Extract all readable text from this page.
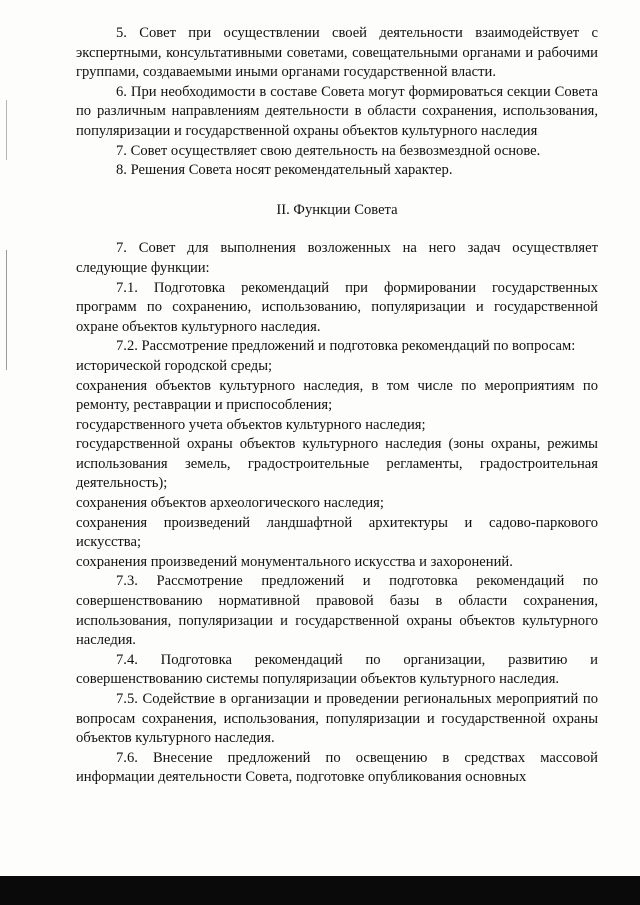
5. Совет при осуществлении своей деятельности взаимодействует с экспертными, консультативными советами, совещательными органами и рабочими группами, создаваемыми иными органами государственной власти.

6. При необходимости в составе Совета могут формироваться секции Совета по различным направлениям деятельности в области сохранения, использования, популяризации и государственной охраны объектов культурного наследия

7. Совет осуществляет свою деятельность на безвозмездной основе.

8. Решения Совета носят рекомендательный характер.

II. Функции Совета

7. Совет для выполнения возложенных на него задач осуществляет следующие функции:

7.1. Подготовка рекомендаций при формировании государственных программ по сохранению, использованию, популяризации и государственной охране объектов культурного наследия.

7.2. Рассмотрение предложений и подготовка рекомендаций по вопросам:

исторической городской среды;

сохранения объектов культурного наследия, в том числе по мероприятиям по ремонту, реставрации и приспособления;

государственного учета объектов культурного наследия;

государственной охраны объектов культурного наследия (зоны охраны, режимы использования земель, градостроительные регламенты, градостроительная деятельность);

сохранения объектов археологического наследия;

сохранения произведений ландшафтной архитектуры и садово-паркового искусства;

сохранения произведений монументального искусства и захоронений.

7.3. Рассмотрение предложений и подготовка рекомендаций по совершенствованию нормативной правовой базы в области сохранения, использования, популяризации и государственной охраны объектов культурного наследия.

7.4. Подготовка рекомендаций по организации, развитию и совершенствованию системы популяризации объектов культурного наследия.

7.5. Содействие в организации и проведении региональных мероприятий по вопросам сохранения, использования, популяризации и государственной охраны объектов культурного наследия.

7.6. Внесение предложений по освещению в средствах массовой информации деятельности Совета, подготовке опубликования основных
